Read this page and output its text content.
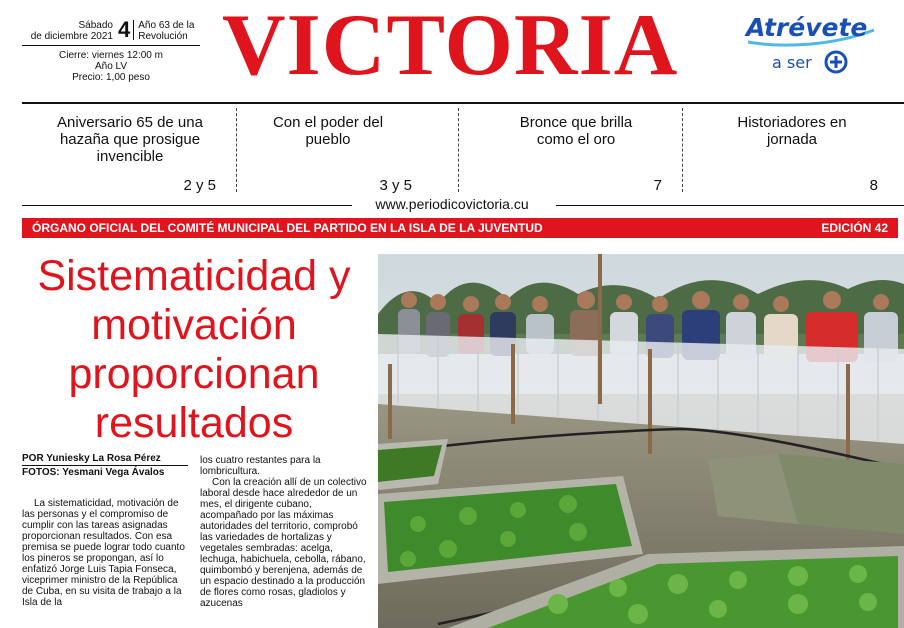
Sábado
de diciembre 2021 4 Año 63 de la
Revolución
Cierre: viernes 12:00 m
Año LV
Precio: 1,00 peso VICTORIA	Atrévete
a ser
Aniversario 65 de una hazaña que prosigue invencible
2 y 5
Con el poder del pueblo
3 y 5
Bronce que brilla como el oro
7
Historiadores en jornada
8
www.periodicovictoria.cu
ÓRGANO OFICIAL DEL COMITÉ MUNICIPAL DEL PARTIDO EN LA ISLA DE LA JUVENTUD	EDICIÓN 42
Sistematicidad y motivación proporcionan resultados
POR Yuniesky La Rosa Pérez
FOTOS: Yesmani Vega Ávalos
La sistematicidad, motivación de las personas y el compromiso de cumplir con las tareas asignadas proporcionan resultados. Con esa premisa se puede lograr todo cuanto los pineros se propongan, así lo enfatizó Jorge Luis Tapia Fonseca, viceprimer ministro de la República de Cuba, en su visita de trabajo a la Isla de la

los cuatro restantes para la lombricultura.

Con la creación allí de un colectivo laboral desde hace alrededor de un mes, el dirigente cubano, acompañado por las máximas autoridades del territorio, comprobó las variedades de hortalizas y vegetales sembradas: acelga, lechuga, habichuela, cebolla, rábano, quimbombó y berenjena, además de un espacio destinado a la producción de flores como rosas, gladiolos y azucenas
